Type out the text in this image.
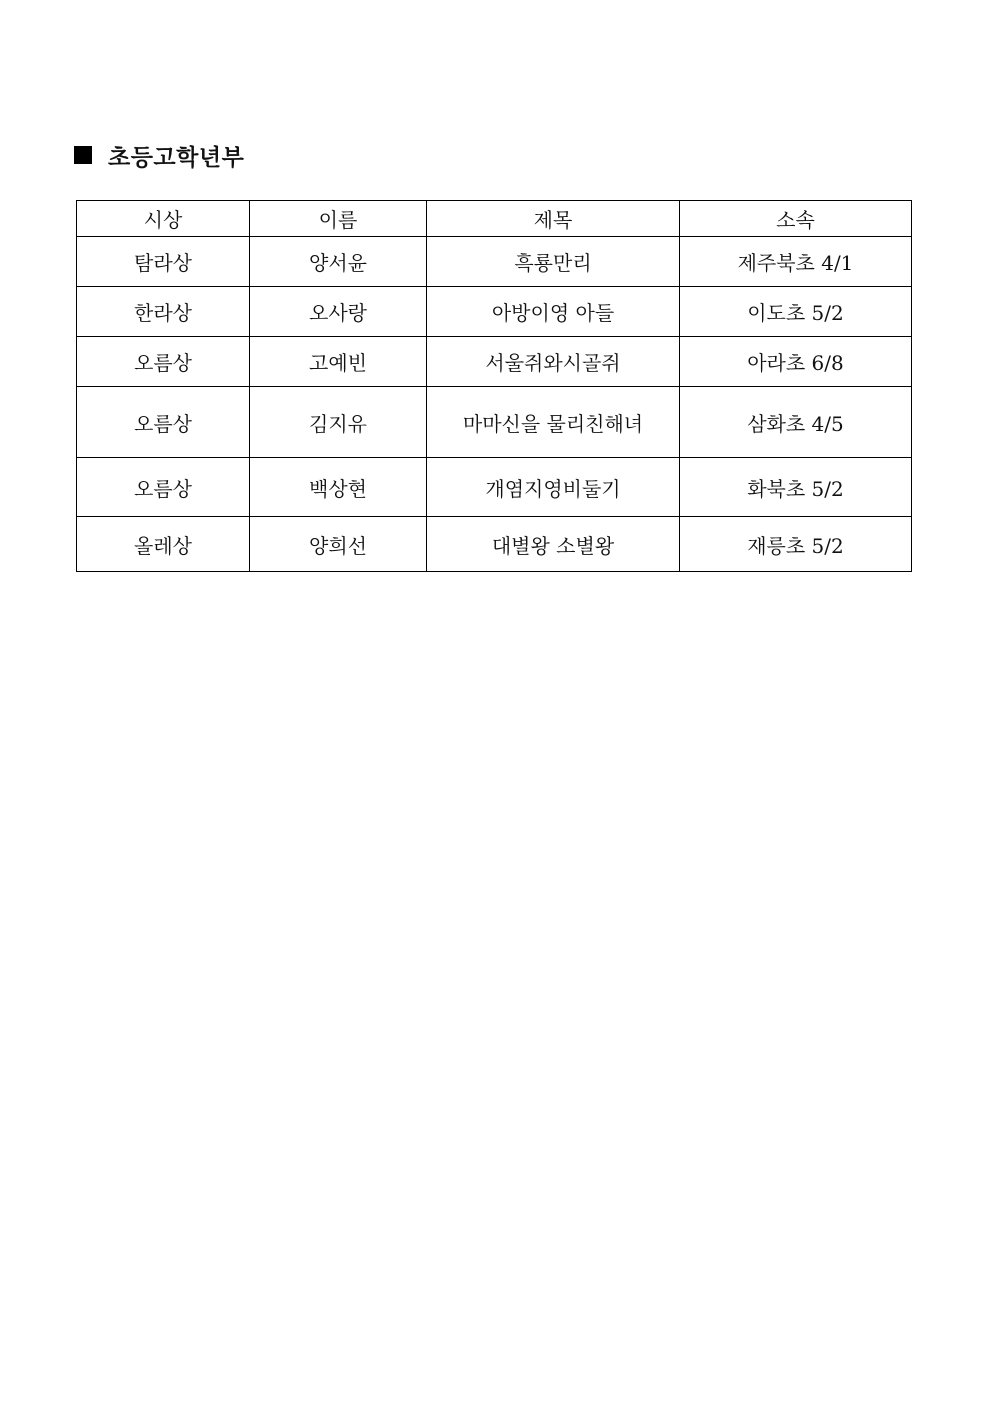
초등고학년부
시상	이름	제목	소속
탐라상	양서윤	흑룡만리	제주북초 4/1
한라상	오사랑	아방이영 아들	이도초 5/2
오름상	고예빈	서울쥐와시골쥐	아라초 6/8
오름상	김지유	마마신을 물리친해녀	삼화초 4/5
오름상	백상현	개염지영비둘기	화북초 5/2
올레상	양희선	대별왕 소별왕	재릉초 5/2
